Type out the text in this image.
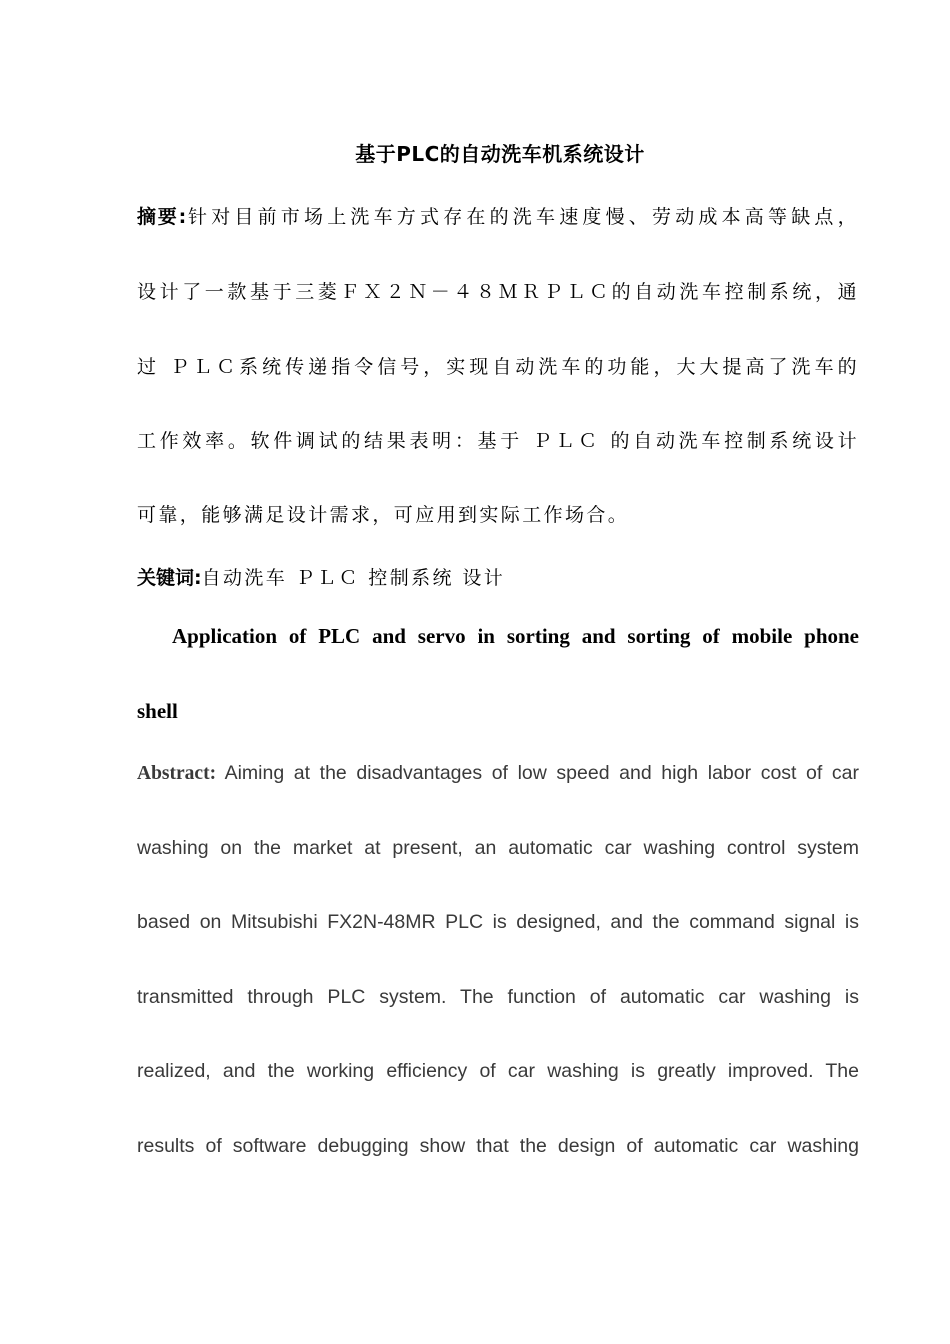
基于PLC的自动洗车机系统设计
摘要:针对目前市场上洗车方式存在的洗车速度慢、劳动成本高等缺点，
设计了一款基于三菱ＦＸ２Ｎ－４８ＭＲＰＬＣ的自动洗车控制系统，通
过 ＰＬＣ系统传递指令信号，实现自动洗车的功能，大大提高了洗车的
工作效率。软件调试的结果表明：基于 ＰＬＣ 的自动洗车控制系统设计
可靠，能够满足设计需求，可应用到实际工作场合。
关键词:自动洗车 ＰＬＣ 控制系统 设计
Application of PLC and servo in sorting and sorting of mobile phone
shell
Abstract: Aiming at the disadvantages of low speed and high labor cost of car
washing on the market at present, an automatic car washing control system
based on Mitsubishi FX2N-48MR PLC is designed, and the command signal is
transmitted through PLC system. The function of automatic car washing is
realized, and the working efficiency of car washing is greatly improved. The
results of software debugging show that the design of automatic car washing
